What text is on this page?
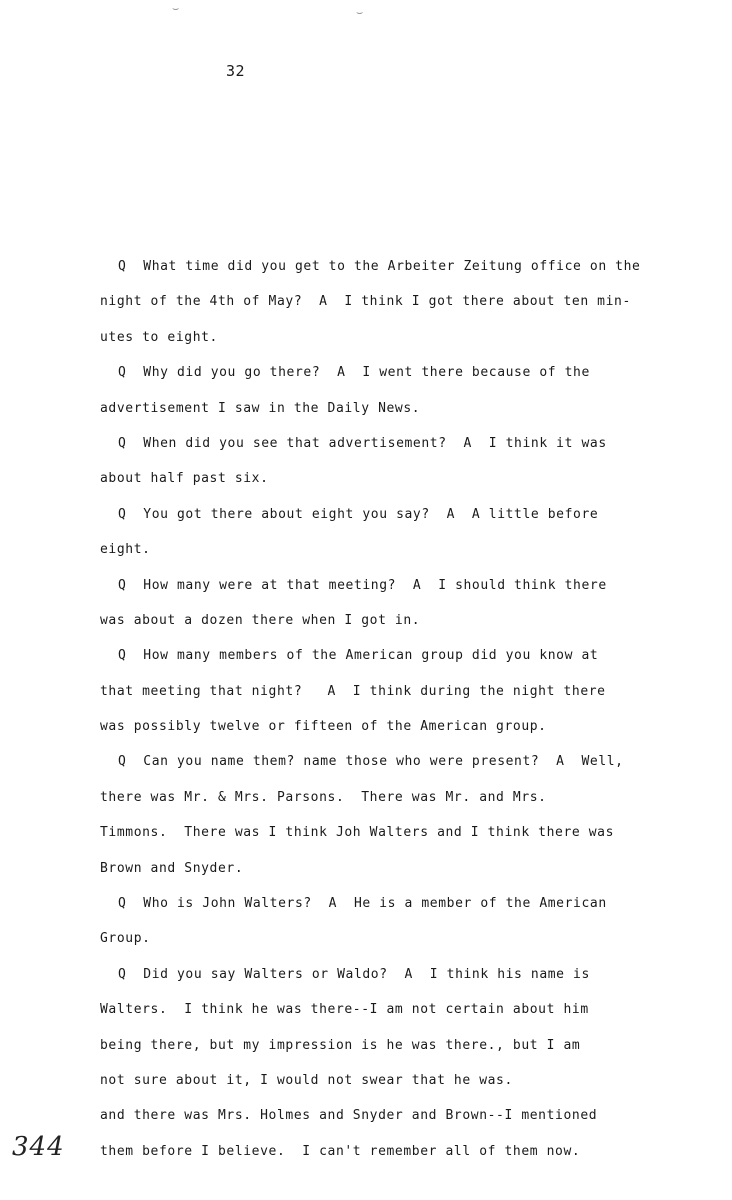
⌣	⌣
32
Q  What time did you get to the Arbeiter Zeitung office on the
night of the 4th of May?  A  I think I got there about ten min-
utes to eight.
Q  Why did you go there?  A  I went there because of the
advertisement I saw in the Daily News.
Q  When did you see that advertisement?  A  I think it was
about half past six.
Q  You got there about eight you say?  A  A little before
eight.
Q  How many were at that meeting?  A  I should think there
was about a dozen there when I got in.
Q  How many members of the American group did you know at
that meeting that night?   A  I think during the night there
was possibly twelve or fifteen of the American group.
Q  Can you name them? name those who were present?  A  Well,
there was Mr. & Mrs. Parsons.  There was Mr. and Mrs.
Timmons.  There was I think Joh Walters and I think there was
Brown and Snyder.
Q  Who is John Walters?  A  He is a member of the American
Group.
Q  Did you say Walters or Waldo?  A  I think his name is
Walters.  I think he was there--I am not certain about him
being there, but my impression is he was there., but I am
not sure about it, I would not swear that he was.
and there was Mrs. Holmes and Snyder and Brown--I mentioned
them before I believe.  I can't remember all of them now.
344
